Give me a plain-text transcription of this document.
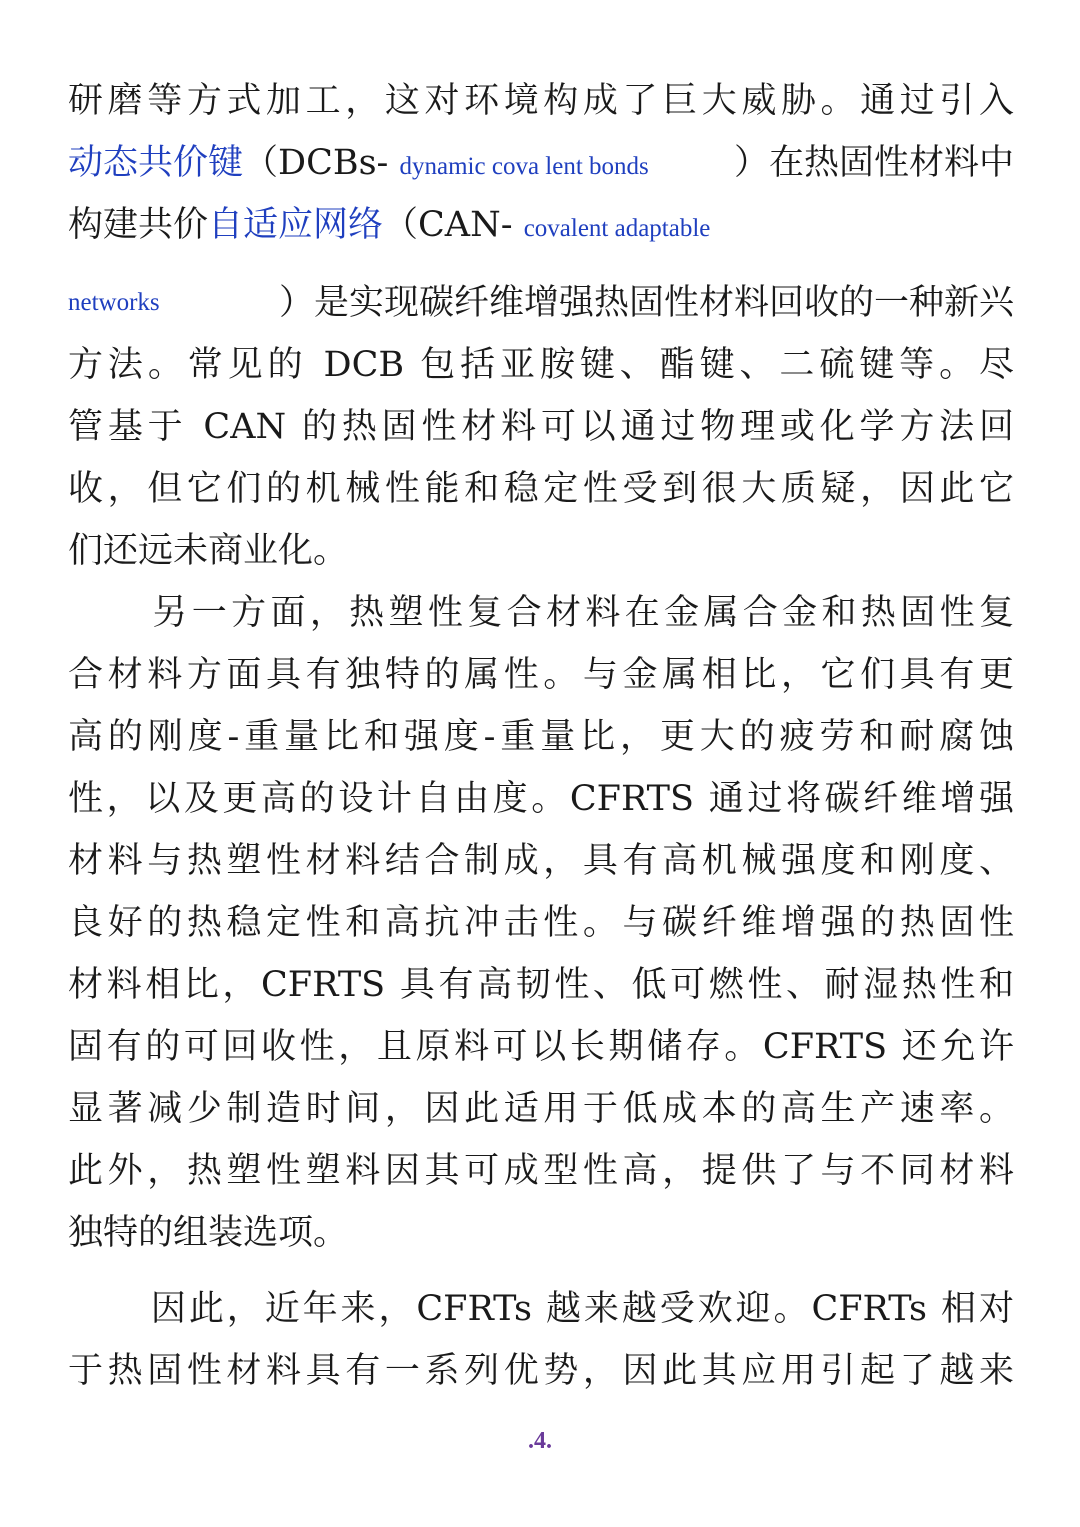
研磨等方式加工，这对环境构成了巨大威胁。通过引入
动态共价键（DCBs- dynamic cova lent bonds ）在热固性材料中
构建共价自适应网络（CAN- covalent adaptable
networks	）是实现碳纤维增强热固性材料回收的一种新兴
方法。常见的 DCB 包括亚胺键、酯键、二硫键等。尽
管基于 CAN 的热固性材料可以通过物理或化学方法回
收，但它们的机械性能和稳定性受到很大质疑，因此它
们还远未商业化。
另一方面，热塑性复合材料在金属合金和热固性复
合材料方面具有独特的属性。与金属相比，它们具有更
高的刚度-重量比和强度-重量比，更大的疲劳和耐腐蚀
性，以及更高的设计自由度。CFRTS 通过将碳纤维增强
材料与热塑性材料结合制成，具有高机械强度和刚度、
良好的热稳定性和高抗冲击性。与碳纤维增强的热固性
材料相比，CFRTS 具有高韧性、低可燃性、耐湿热性和
固有的可回收性，且原料可以长期储存。CFRTS 还允许
显著减少制造时间，因此适用于低成本的高生产速率。
此外，热塑性塑料因其可成型性高，提供了与不同材料
独特的组装选项。
因此，近年来，CFRTs 越来越受欢迎。CFRTs 相对
于热固性材料具有一系列优势，因此其应用引起了越来
.4.
